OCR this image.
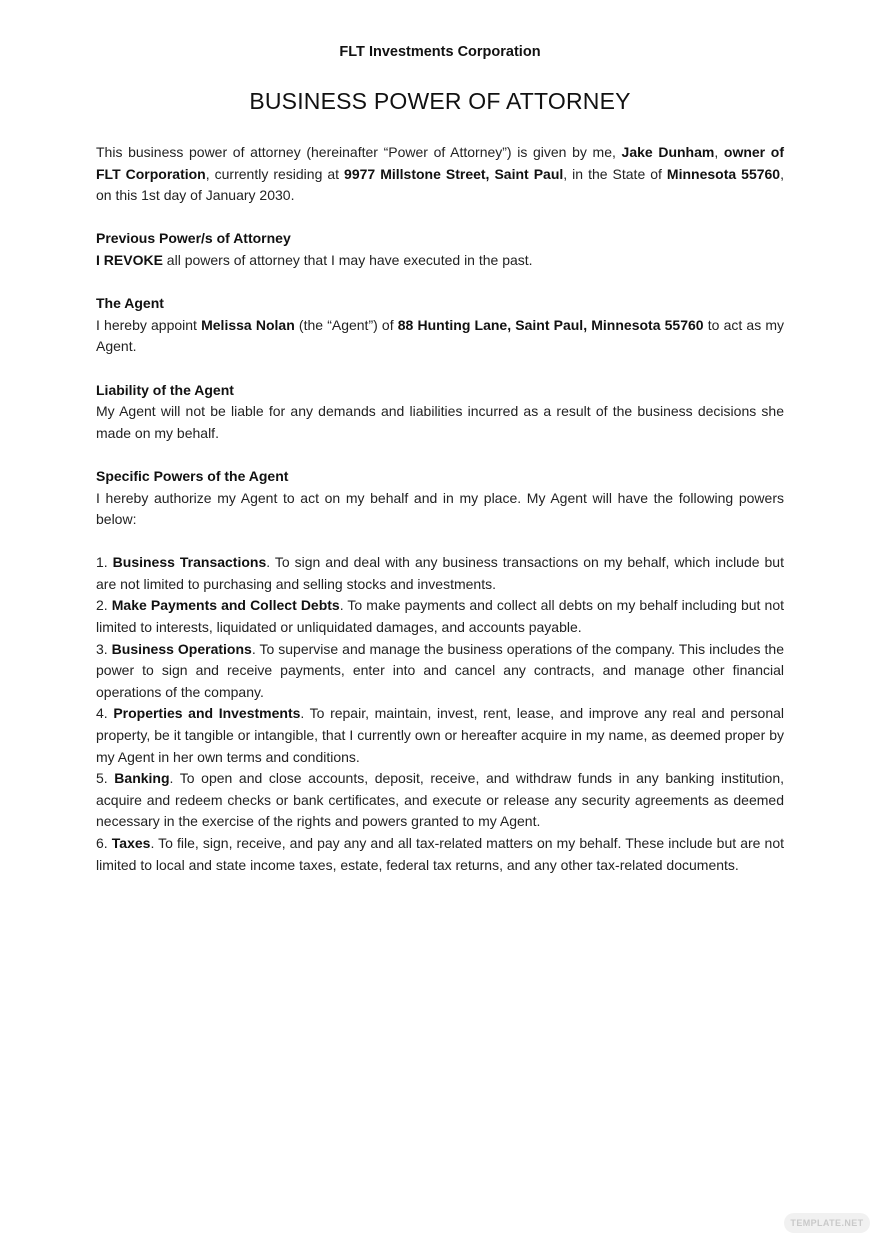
FLT Investments Corporation
BUSINESS POWER OF ATTORNEY

This business power of attorney (hereinafter “Power of Attorney”) is given by me, Jake Dunham, owner of FLT Corporation, currently residing at 9977 Millstone Street, Saint Paul, in the State of Minnesota 55760, on this 1st day of January 2030.

Previous Power/s of Attorney

I REVOKE all powers of attorney that I may have executed in the past.

The Agent

I hereby appoint Melissa Nolan (the “Agent”) of 88 Hunting Lane, Saint Paul, Minnesota 55760 to act as my Agent.

Liability of the Agent

My Agent will not be liable for any demands and liabilities incurred as a result of the business decisions she made on my behalf.

Specific Powers of the Agent

I hereby authorize my Agent to act on my behalf and in my place. My Agent will have the following powers below:

1. Business Transactions. To sign and deal with any business transactions on my behalf, which include but are not limited to purchasing and selling stocks and investments.

2. Make Payments and Collect Debts. To make payments and collect all debts on my behalf including but not limited to interests, liquidated or unliquidated damages, and accounts payable.

3. Business Operations. To supervise and manage the business operations of the company. This includes the power to sign and receive payments, enter into and cancel any contracts, and manage other financial operations of the company.

4. Properties and Investments. To repair, maintain, invest, rent, lease, and improve any real and personal property, be it tangible or intangible, that I currently own or hereafter acquire in my name, as deemed proper by my Agent in her own terms and conditions.

5. Banking. To open and close accounts, deposit, receive, and withdraw funds in any banking institution, acquire and redeem checks or bank certificates, and execute or release any security agreements as deemed necessary in the exercise of the rights and powers granted to my Agent.

6. Taxes. To file, sign, receive, and pay any and all tax-related matters on my behalf. These include but are not limited to local and state income taxes, estate, federal tax returns, and any other tax-related documents.

TEMPLATE.NET
